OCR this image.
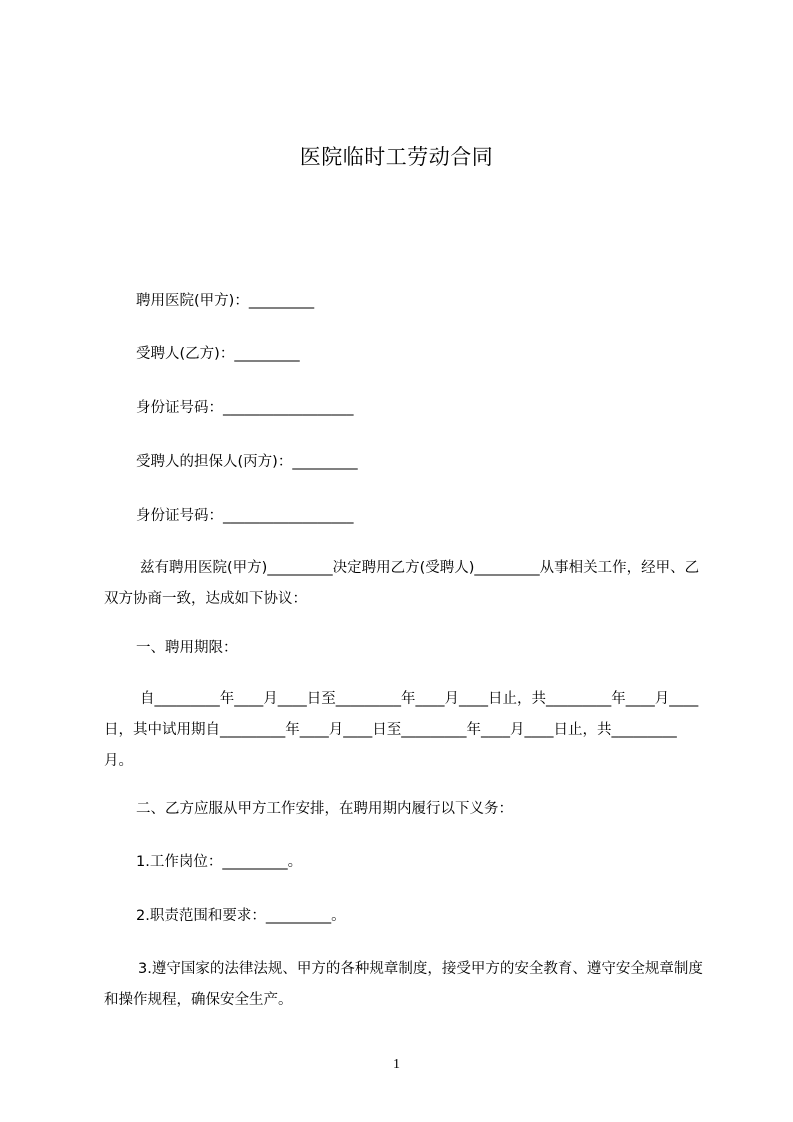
医院临时工劳动合同
聘用医院(甲方)：_________
受聘人(乙方)：_________
身份证号码：__________________
受聘人的担保人(丙方)：_________
身份证号码：__________________
兹有聘用医院(甲方)_________决定聘用乙方(受聘人)_________从事相关工作，经甲、乙双方协商一致，达成如下协议：
一、聘用期限：
自_________年____月____日至_________年____月____日止，共_________年____月____日，其中试用期自_________年____月____日至_________年____月____日止，共_________月。
二、乙方应服从甲方工作安排，在聘用期内履行以下义务：
1.工作岗位：_________。
2.职责范围和要求：_________。
3.遵守国家的法律法规、甲方的各种规章制度，接受甲方的安全教育、遵守安全规章制度和操作规程，确保安全生产。
1
